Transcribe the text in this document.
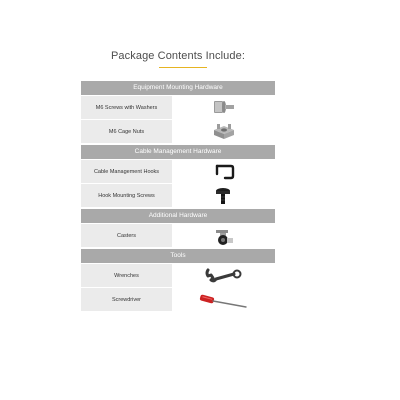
Package Contents Include:
Equipment Mounting Hardware
M6 Screws with Washers
M6 Cage Nuts
Cable Management Hardware
Cable Management Hooks
Hook Mounting Screws
Additional Hardware
Casters
Tools
Wrenches
Screwdriver
